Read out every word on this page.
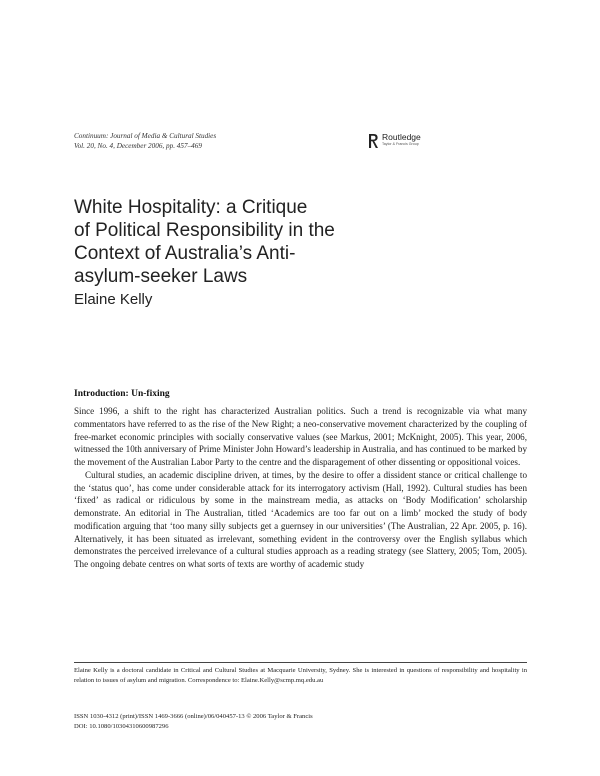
Continuum: Journal of Media & Cultural Studies
Vol. 20, No. 4, December 2006, pp. 457–469
Routledge
Taylor & Francis Group
White Hospitality: a Critique
of Political Responsibility in the
Context of Australia’s Anti-
asylum-seeker Laws
Elaine Kelly
Introduction: Un-fixing

Since 1996, a shift to the right has characterized Australian politics. Such a trend is recognizable via what many commentators have referred to as the rise of the New Right; a neo-conservative movement characterized by the coupling of free-market economic principles with socially conservative values (see Markus, 2001; McKnight, 2005). This year, 2006, witnessed the 10th anniversary of Prime Minister John Howard’s leadership in Australia, and has continued to be marked by the movement of the Australian Labor Party to the centre and the disparagement of other dissenting or oppositional voices.

Cultural studies, an academic discipline driven, at times, by the desire to offer a dissident stance or critical challenge to the ‘status quo’, has come under considerable attack for its interrogatory activism (Hall, 1992). Cultural studies has been ‘fixed’ as radical or ridiculous by some in the mainstream media, as attacks on ‘Body Modification’ scholarship demonstrate. An editorial in The Australian, titled ‘Academics are too far out on a limb’ mocked the study of body modification arguing that ‘too many silly subjects get a guernsey in our universities’ (The Australian, 22 Apr. 2005, p. 16). Alternatively, it has been situated as irrelevant, something evident in the controversy over the English syllabus which demonstrates the perceived irrelevance of a cultural studies approach as a reading strategy (see Slattery, 2005; Tom, 2005). The ongoing debate centres on what sorts of texts are worthy of academic study

Elaine Kelly is a doctoral candidate in Critical and Cultural Studies at Macquarie University, Sydney. She is interested in questions of responsibility and hospitality in relation to issues of asylum and migration. Correspondence to: Elaine.Kelly@scmp.mq.edu.au
ISSN 1030-4312 (print)/ISSN 1469-3666 (online)/06/040457-13 © 2006 Taylor & Francis
DOI: 10.1080/10304310600987296
